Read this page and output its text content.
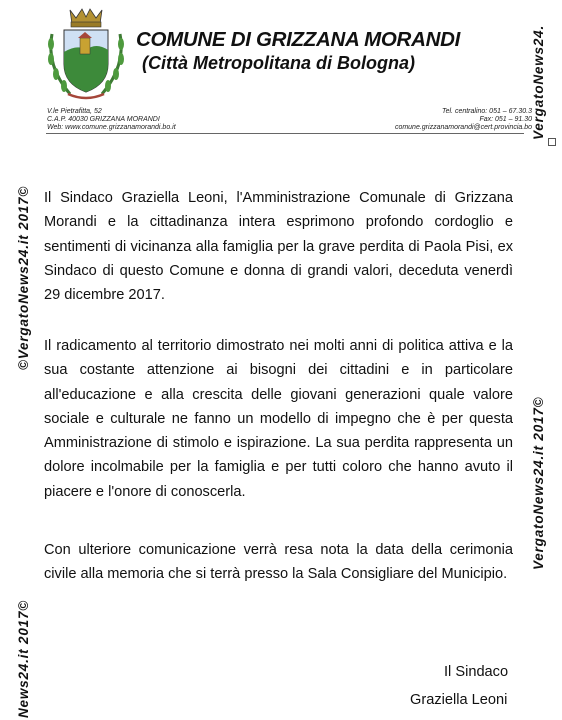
COMUNE DI GRIZZANA MORANDI
(Città Metropolitana di Bologna)
V.le Pietrafitta, 52
C.A.P. 40030 GRIZZANA MORANDI
Web: www.comune.grizzanamorandi.bo.it
Tel. centralino: 051 – 67.30.3
Fax: 051 – 91.30
comune.grizzanamorandi@cert.provincia.bo
Il Sindaco Graziella Leoni, l'Amministrazione Comunale di Grizzana Morandi e la cittadinanza intera esprimono profondo cordoglio e sentimenti di vicinanza alla famiglia per la grave perdita di Paola Pisi, ex Sindaco di questo Comune e donna di grandi valori, deceduta venerdì 29 dicembre 2017.
Il radicamento al territorio dimostrato nei molti anni di politica attiva e la sua costante attenzione ai bisogni dei cittadini e in particolare all'educazione e alla crescita delle giovani generazioni quale valore sociale e culturale ne fanno un modello di impegno che è per questa Amministrazione di stimolo e ispirazione. La sua perdita rappresenta un dolore incolmabile per la famiglia e per tutti coloro che hanno avuto il piacere e l'onore di conoscerla.
Con ulteriore comunicazione verrà resa nota la data della cerimonia civile alla memoria che si terrà presso la Sala Consigliare del Municipio.
Il Sindaco
Graziella Leoni
©VergatoNews24.it 2017©
News24.it 2017©
VergatoNews24.
VergatoNews24.it 2017©
